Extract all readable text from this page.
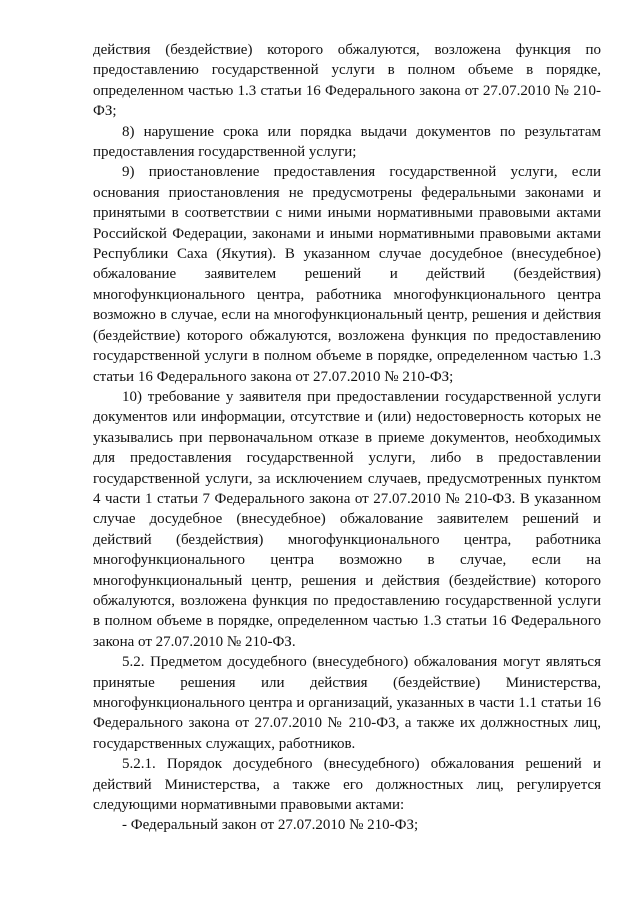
действия (бездействие) которого обжалуются, возложена функция по предоставлению государственной услуги в полном объеме в порядке, определенном частью 1.3 статьи 16 Федерального закона от 27.07.2010 № 210-ФЗ;

8) нарушение срока или порядка выдачи документов по результатам предоставления государственной услуги;

9) приостановление предоставления государственной услуги, если основания приостановления не предусмотрены федеральными законами и принятыми в соответствии с ними иными нормативными правовыми актами Российской Федерации, законами и иными нормативными правовыми актами Республики Саха (Якутия). В указанном случае досудебное (внесудебное) обжалование заявителем решений и действий (бездействия) многофункционального центра, работника многофункционального центра возможно в случае, если на многофункциональный центр, решения и действия (бездействие) которого обжалуются, возложена функция по предоставлению государственной услуги в полном объеме в порядке, определенном частью 1.3 статьи 16 Федерального закона от 27.07.2010 № 210-ФЗ;

10) требование у заявителя при предоставлении государственной услуги документов или информации, отсутствие и (или) недостоверность которых не указывались при первоначальном отказе в приеме документов, необходимых для предоставления государственной услуги, либо в предоставлении государственной услуги, за исключением случаев, предусмотренных пунктом 4 части 1 статьи 7 Федерального закона от 27.07.2010 № 210-ФЗ. В указанном случае досудебное (внесудебное) обжалование заявителем решений и действий (бездействия) многофункционального центра, работника многофункционального центра возможно в случае, если на многофункциональный центр, решения и действия (бездействие) которого обжалуются, возложена функция по предоставлению государственной услуги в полном объеме в порядке, определенном частью 1.3 статьи 16 Федерального закона от 27.07.2010 № 210-ФЗ.

5.2. Предметом досудебного (внесудебного) обжалования могут являться принятые решения или действия (бездействие) Министерства, многофункционального центра и организаций, указанных в части 1.1 статьи 16 Федерального закона от 27.07.2010 № 210-ФЗ, а также их должностных лиц, государственных служащих, работников.

5.2.1. Порядок досудебного (внесудебного) обжалования решений и действий Министерства, а также его должностных лиц, регулируется следующими нормативными правовыми актами:

- Федеральный закон от 27.07.2010 № 210-ФЗ;
